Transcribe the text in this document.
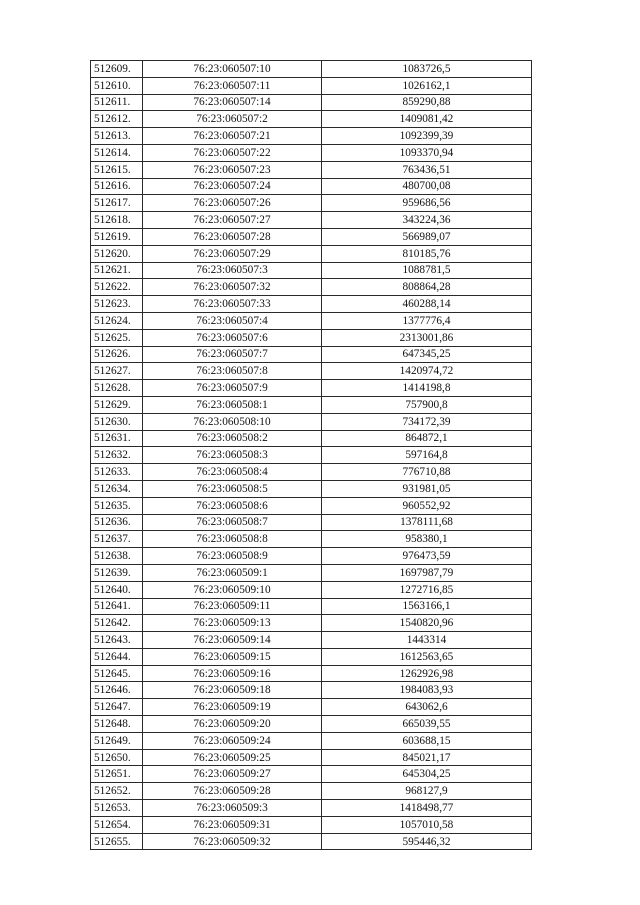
512609.	76:23:060507:10	1083726,5
512610.	76:23:060507:11	1026162,1
512611.	76:23:060507:14	859290,88
512612.	76:23:060507:2	1409081,42
512613.	76:23:060507:21	1092399,39
512614.	76:23:060507:22	1093370,94
512615.	76:23:060507:23	763436,51
512616.	76:23:060507:24	480700,08
512617.	76:23:060507:26	959686,56
512618.	76:23:060507:27	343224,36
512619.	76:23:060507:28	566989,07
512620.	76:23:060507:29	810185,76
512621.	76:23:060507:3	1088781,5
512622.	76:23:060507:32	808864,28
512623.	76:23:060507:33	460288,14
512624.	76:23:060507:4	1377776,4
512625.	76:23:060507:6	2313001,86
512626.	76:23:060507:7	647345,25
512627.	76:23:060507:8	1420974,72
512628.	76:23:060507:9	1414198,8
512629.	76:23:060508:1	757900,8
512630.	76:23:060508:10	734172,39
512631.	76:23:060508:2	864872,1
512632.	76:23:060508:3	597164,8
512633.	76:23:060508:4	776710,88
512634.	76:23:060508:5	931981,05
512635.	76:23:060508:6	960552,92
512636.	76:23:060508:7	1378111,68
512637.	76:23:060508:8	958380,1
512638.	76:23:060508:9	976473,59
512639.	76:23:060509:1	1697987,79
512640.	76:23:060509:10	1272716,85
512641.	76:23:060509:11	1563166,1
512642.	76:23:060509:13	1540820,96
512643.	76:23:060509:14	1443314
512644.	76:23:060509:15	1612563,65
512645.	76:23:060509:16	1262926,98
512646.	76:23:060509:18	1984083,93
512647.	76:23:060509:19	643062,6
512648.	76:23:060509:20	665039,55
512649.	76:23:060509:24	603688,15
512650.	76:23:060509:25	845021,17
512651.	76:23:060509:27	645304,25
512652.	76:23:060509:28	968127,9
512653.	76:23:060509:3	1418498,77
512654.	76:23:060509:31	1057010,58
512655.	76:23:060509:32	595446,32
